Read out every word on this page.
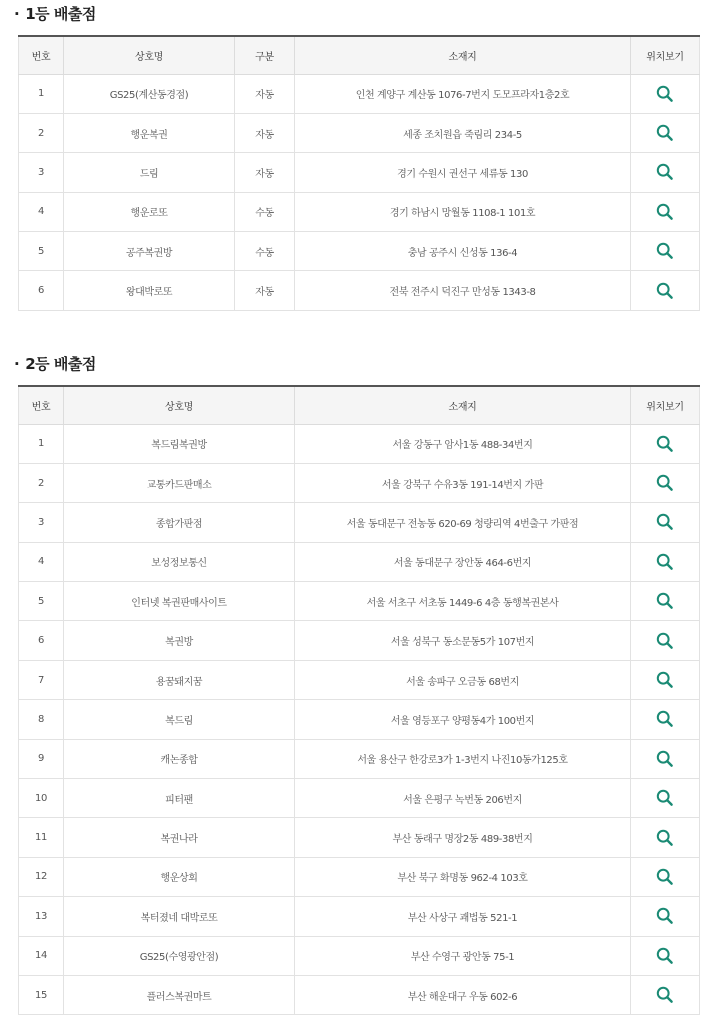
· 1등 배출점
번호	상호명	구분	소재지	위치보기
1	GS25(계산동경점)	자동	인천 계양구 계산동 1076-7번지 도모프라자1층2호	

2	행운복권	자동	세종 조치원읍 죽림리 234-5	

3	드림	자동	경기 수원시 권선구 세류동 130	

4	행운로또	수동	경기 하남시 망월동 1108-1 101호	

5	공주복권방	수동	충남 공주시 신성동 136-4	

6	왕대박로또	자동	전북 전주시 덕진구 만성동 1343-8	
· 2등 배출점
번호	상호명	소재지	위치보기
1	복드림복권방	서울 강동구 암사1동 488-34번지	

2	교통카드판매소	서울 강북구 수유3동 191-14번지 가판	

3	종합가판점	서울 동대문구 전농동 620-69 청량리역 4번출구 가판점	

4	보성정보통신	서울 동대문구 장안동 464-6번지	

5	인터넷 복권판매사이트	서울 서초구 서초동 1449-6 4층 동행복권본사	

6	복권방	서울 성북구 동소문동5가 107번지	

7	용꿈돼지꿈	서울 송파구 오금동 68번지	

8	복드림	서울 영등포구 양평동4가 100번지	

9	캐논종합	서울 용산구 한강로3가 1-3번지 나진10동가125호	

10	피터팬	서울 은평구 녹번동 206번지	

11	복권나라	부산 동래구 명장2동 489-38번지	

12	행운상회	부산 북구 화명동 962-4 103호	

13	복터졌네 대박로또	부산 사상구 괘법동 521-1	

14	GS25(수영광안점)	부산 수영구 광안동 75-1	

15	플러스복권마트	부산 해운대구 우동 602-6	
